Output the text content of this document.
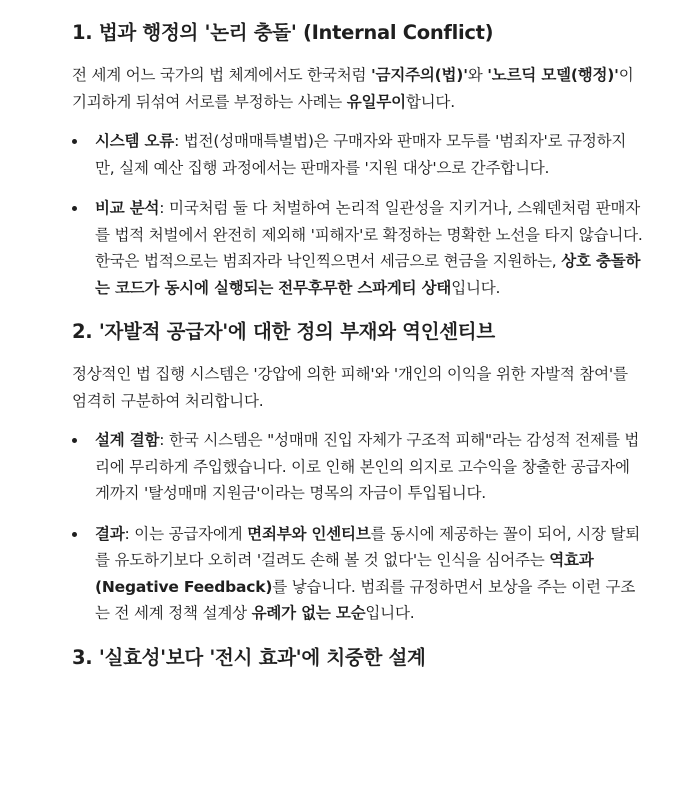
1. 법과 행정의 '논리 충돌' (Internal Conflict)

전 세계 어느 국가의 법 체계에서도 한국처럼 '금지주의(법)'와 '노르딕 모델(행정)'이 기괴하게 뒤섞여 서로를 부정하는 사례는 유일무이합니다.

시스템 오류: 법전(성매매특별법)은 구매자와 판매자 모두를 '범죄자'로 규정하지만, 실제 예산 집행 과정에서는 판매자를 '지원 대상'으로 간주합니다.
비교 분석: 미국처럼 둘 다 처벌하여 논리적 일관성을 지키거나, 스웨덴처럼 판매자를 법적 처벌에서 완전히 제외해 '피해자'로 확정하는 명확한 노선을 타지 않습니다. 한국은 법적으로는 범죄자라 낙인찍으면서 세금으로 현금을 지원하는, 상호 충돌하는 코드가 동시에 실행되는 전무후무한 스파게티 상태입니다.
2. '자발적 공급자'에 대한 정의 부재와 역인센티브

정상적인 법 집행 시스템은 '강압에 의한 피해'와 '개인의 이익을 위한 자발적 참여'를 엄격히 구분하여 처리합니다.

설계 결함: 한국 시스템은 "성매매 진입 자체가 구조적 피해"라는 감성적 전제를 법리에 무리하게 주입했습니다. 이로 인해 본인의 의지로 고수익을 창출한 공급자에게까지 '탈성매매 지원금'이라는 명목의 자금이 투입됩니다.
결과: 이는 공급자에게 면죄부와 인센티브를 동시에 제공하는 꼴이 되어, 시장 탈퇴를 유도하기보다 오히려 '걸려도 손해 볼 것 없다'는 인식을 심어주는 역효과(Negative Feedback)를 낳습니다. 범죄를 규정하면서 보상을 주는 이런 구조는 전 세계 정책 설계상 유례가 없는 모순입니다.
3. '실효성'보다 '전시 효과'에 치중한 설계
